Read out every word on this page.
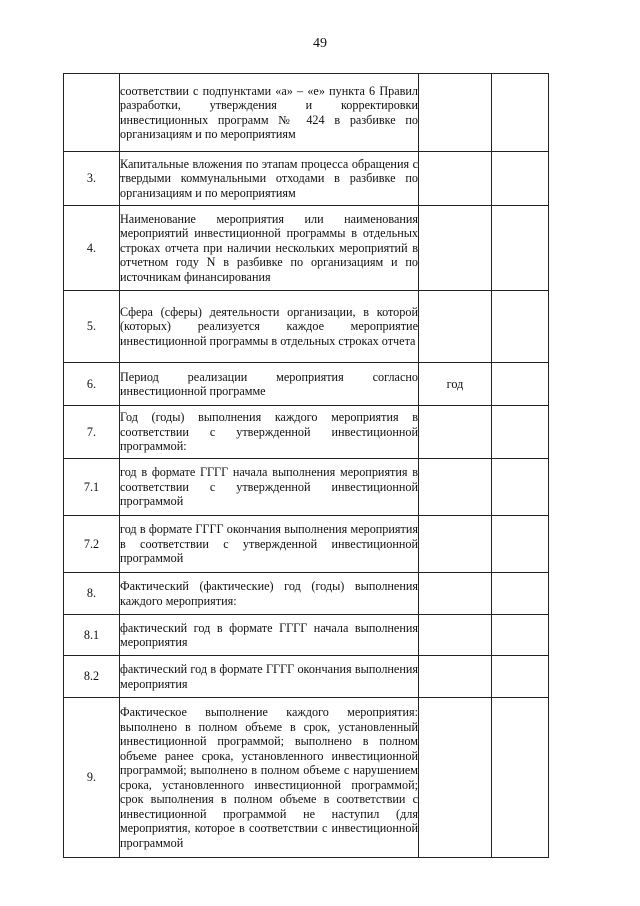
49
	соответствии с подпунктами «а» – «е» пункта 6 Правил разработки, утверждения и корректировки инвестиционных программ № 424 в разбивке по организациям и по мероприятиям		
3.	Капитальные вложения по этапам процесса обращения с твердыми коммунальными отходами в разбивке по организациям и по мероприятиям		
4.	Наименование мероприятия или наименования мероприятий инвестиционной программы в отдельных строках отчета при наличии нескольких мероприятий в отчетном году N в разбивке по организациям и по источникам финансирования		
5.	Сфера (сферы) деятельности организации, в которой (которых) реализуется каждое мероприятие инвестиционной программы в отдельных строках отчета		
6.	Период реализации мероприятия согласно инвестиционной программе	год	
7.	Год (годы) выполнения каждого мероприятия в соответствии с утвержденной инвестиционной программой:		
7.1	год в формате ГГГГ начала выполнения мероприятия в соответствии с утвержденной инвестиционной программой		
7.2	год в формате ГГГГ окончания выполнения мероприятия в соответствии с утвержденной инвестиционной программой		
8.	Фактический (фактические) год (годы) выполнения каждого мероприятия:		
8.1	фактический год в формате ГГГГ начала выполнения мероприятия		
8.2	фактический год в формате ГГГГ окончания выполнения мероприятия		
9.	Фактическое выполнение каждого мероприятия: выполнено в полном объеме в срок, установленный инвестиционной программой; выполнено в полном объеме ранее срока, установленного инвестиционной программой; выполнено в полном объеме с нарушением срока, установленного инвестиционной программой; срок выполнения в полном объеме в соответствии с инвестиционной программой не наступил (для мероприятия, которое в соответствии с инвестиционной программой		
